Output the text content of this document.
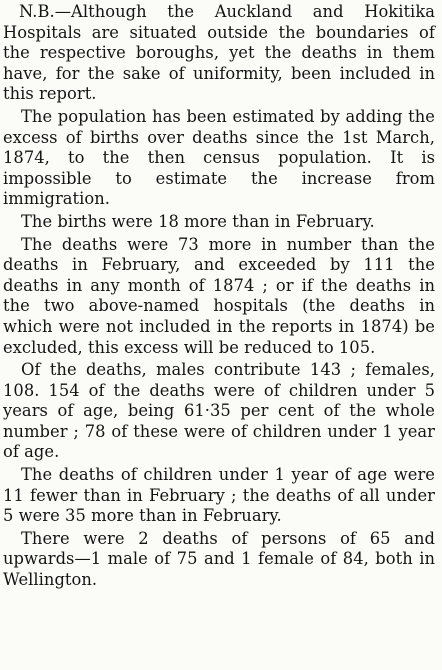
N.B.—Although the Auckland and Hokitika Hospitals are situated outside the boundaries of the respective boroughs, yet the deaths in them have, for the sake of uniformity, been included in this report.

The population has been estimated by adding the excess of births over deaths since the 1st March, 1874, to the then census population. It is impossible to estimate the increase from immigration.

The births were 18 more than in February.

The deaths were 73 more in number than the deaths in February, and exceeded by 111 the deaths in any month of 1874 ; or if the deaths in the two above-named hospitals (the deaths in which were not included in the reports in 1874) be excluded, this excess will be reduced to 105.

Of the deaths, males contribute 143 ; females, 108. 154 of the deaths were of children under 5 years of age, being 61·35 per cent of the whole number ; 78 of these were of children under 1 year of age.

The deaths of children under 1 year of age were 11 fewer than in February ; the deaths of all under 5 were 35 more than in February.

There were 2 deaths of persons of 65 and upwards—1 male of 75 and 1 female of 84, both in Wellington.
